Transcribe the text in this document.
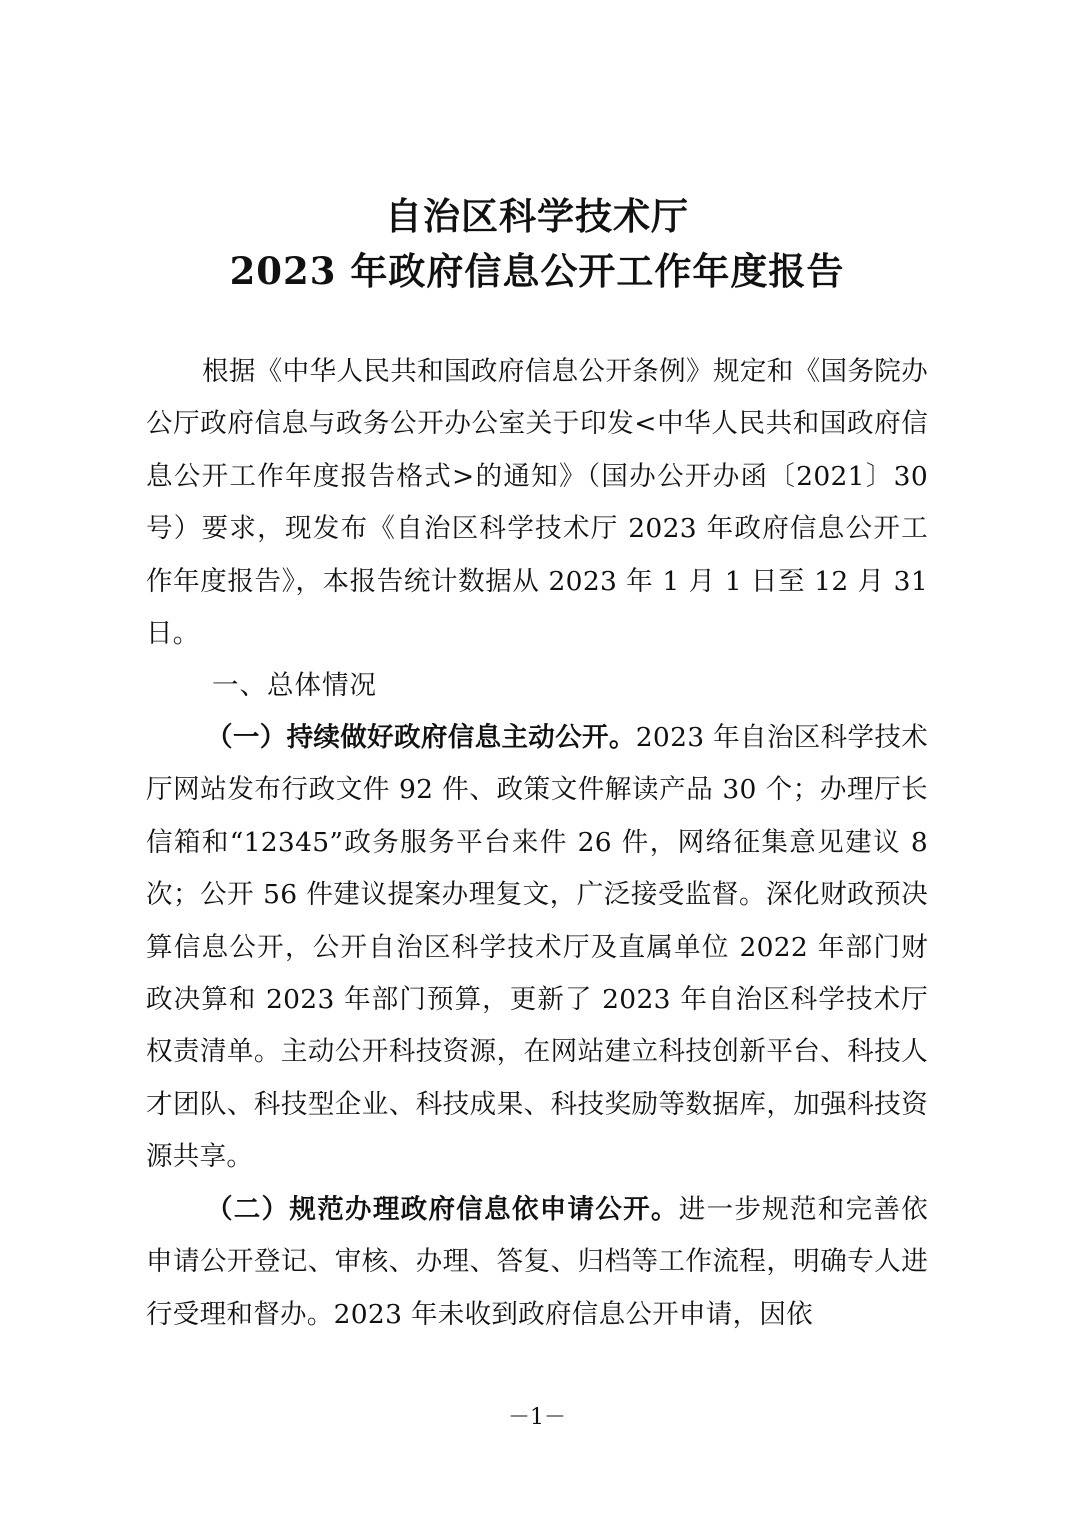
自治区科学技术厅
2023 年政府信息公开工作年度报告
根据《中华人民共和国政府信息公开条例》规定和《国务院办公厅政府信息与政务公开办公室关于印发<中华人民共和国政府信息公开工作年度报告格式>的通知》（国办公开办函〔2021〕30 号）要求，现发布《自治区科学技术厅 2023 年政府信息公开工作年度报告》，本报告统计数据从 2023 年 1 月 1 日至 12 月 31 日。
一、总体情况
（一）持续做好政府信息主动公开。2023 年自治区科学技术厅网站发布行政文件 92 件、政策文件解读产品 30 个；办理厅长信箱和“12345”政务服务平台来件 26 件，网络征集意见建议 8 次；公开 56 件建议提案办理复文，广泛接受监督。深化财政预决算信息公开，公开自治区科学技术厅及直属单位 2022 年部门财政决算和 2023 年部门预算，更新了 2023 年自治区科学技术厅权责清单。主动公开科技资源，在网站建立科技创新平台、科技人才团队、科技型企业、科技成果、科技奖励等数据库，加强科技资源共享。
（二）规范办理政府信息依申请公开。进一步规范和完善依申请公开登记、审核、办理、答复、归档等工作流程，明确专人进行受理和督办。2023 年未收到政府信息公开申请，因依
－1－
